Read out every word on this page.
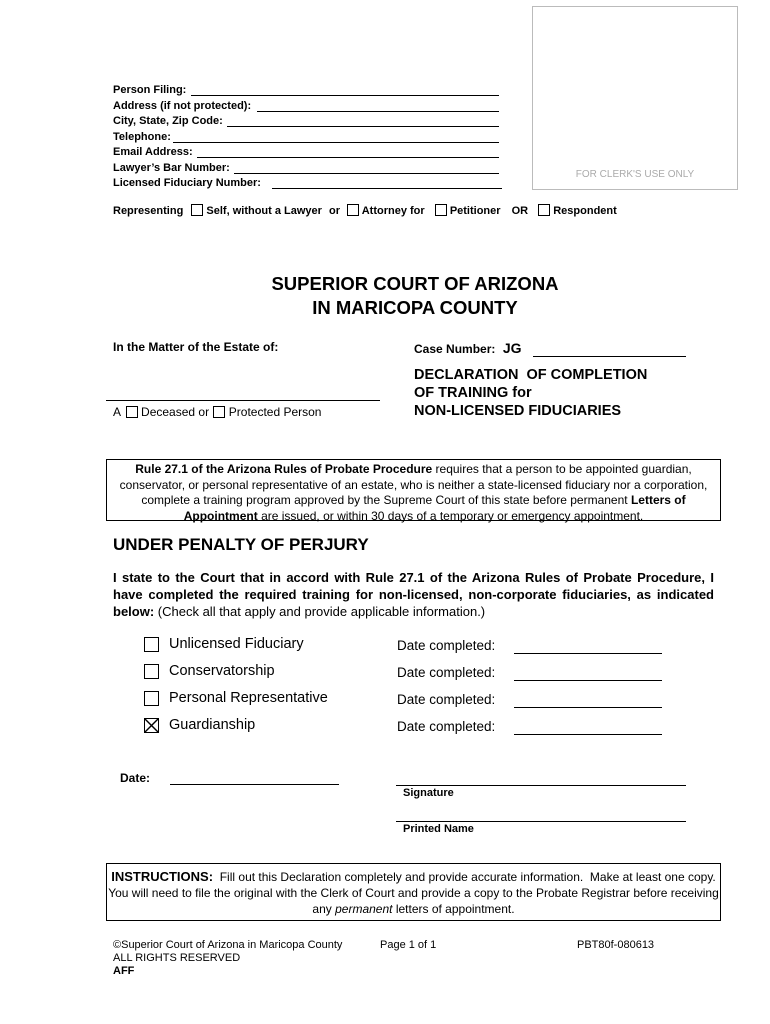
Person Filing:
Address (if not protected):
City, State, Zip Code:
Telephone:
Email Address:
Lawyer’s Bar Number:
Licensed Fiduciary Number:
FOR CLERK'S USE ONLY
Representing Self, without a Lawyer or Attorney for Petitioner OR Respondent
SUPERIOR COURT OF ARIZONA
IN MARICOPA COUNTY
In the Matter of the Estate of:
A Deceased or Protected Person
Case Number: JG
DECLARATION  OF COMPLETION
OF TRAINING for
NON-LICENSED FIDUCIARIES
Rule 27.1 of the Arizona Rules of Probate Procedure requires that a person to be appointed guardian, conservator, or personal representative of an estate, who is neither a state-licensed fiduciary nor a corporation, complete a training program approved by the Supreme Court of this state before permanent Letters of Appointment are issued, or within 30 days of a temporary or emergency appointment.
UNDER PENALTY OF PERJURY
I state to the Court that in accord with Rule 27.1 of the Arizona Rules of Probate Procedure, I have completed the required training for non-licensed, non-corporate fiduciaries, as indicated below: (Check all that apply and provide applicable information.)
Unlicensed Fiduciary	Date completed:
Conservatorship	Date completed:
Personal Representative	Date completed:
Guardianship	Date completed:
Date:
Signature
Printed Name
INSTRUCTIONS:  Fill out this Declaration completely and provide accurate information.  Make at least one copy.  You will need to file the original with the Clerk of Court and provide a copy to the Probate Registrar before receiving any permanent letters of appointment.
©Superior Court of Arizona in Maricopa County
ALL RIGHTS RESERVED
AFF
Page 1 of 1	PBT80f-080613
